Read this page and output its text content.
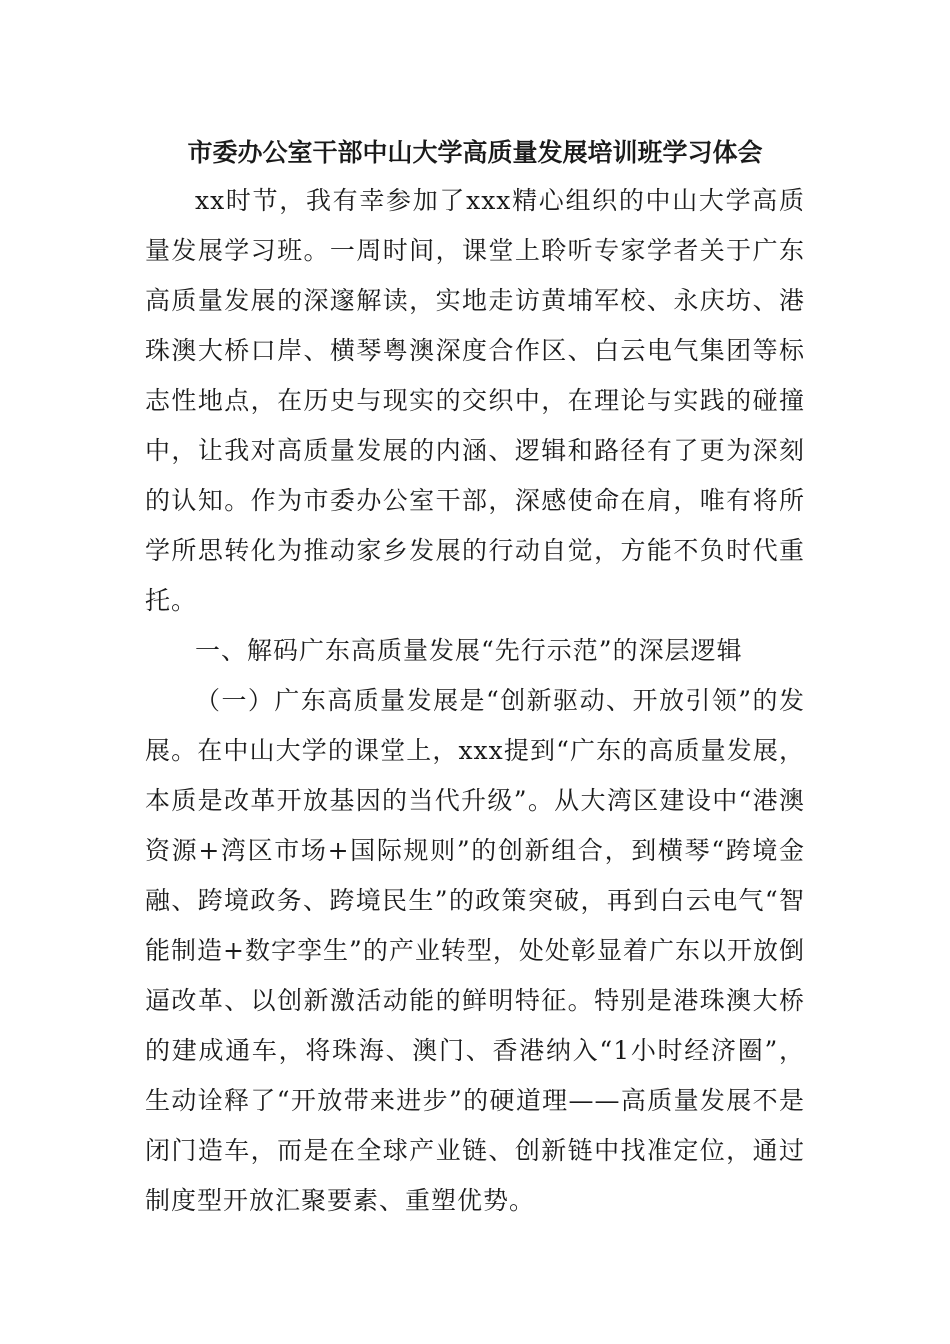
市委办公室干部中山大学高质量发展培训班学习体会

xx时节，我有幸参加了xxx精心组织的中山大学高质量发展学习班。一周时间，课堂上聆听专家学者关于广东高质量发展的深邃解读，实地走访黄埔军校、永庆坊、港珠澳大桥口岸、横琴粤澳深度合作区、白云电气集团等标志性地点，在历史与现实的交织中，在理论与实践的碰撞中，让我对高质量发展的内涵、逻辑和路径有了更为深刻的认知。作为市委办公室干部，深感使命在肩，唯有将所学所思转化为推动家乡发展的行动自觉，方能不负时代重托。

一、解码广东高质量发展“先行示范”的深层逻辑

（一）广东高质量发展是“创新驱动、开放引领”的发展。在中山大学的课堂上，xxx提到“广东的高质量发展，本质是改革开放基因的当代升级”。从大湾区建设中“港澳资源+湾区市场+国际规则”的创新组合，到横琴“跨境金融、跨境政务、跨境民生”的政策突破，再到白云电气“智能制造+数字孪生”的产业转型，处处彰显着广东以开放倒逼改革、以创新激活动能的鲜明特征。特别是港珠澳大桥的建成通车，将珠海、澳门、香港纳入“1小时经济圈”，生动诠释了“开放带来进步”的硬道理——高质量发展不是闭门造车，而是在全球产业链、创新链中找准定位，通过制度型开放汇聚要素、重塑优势。
